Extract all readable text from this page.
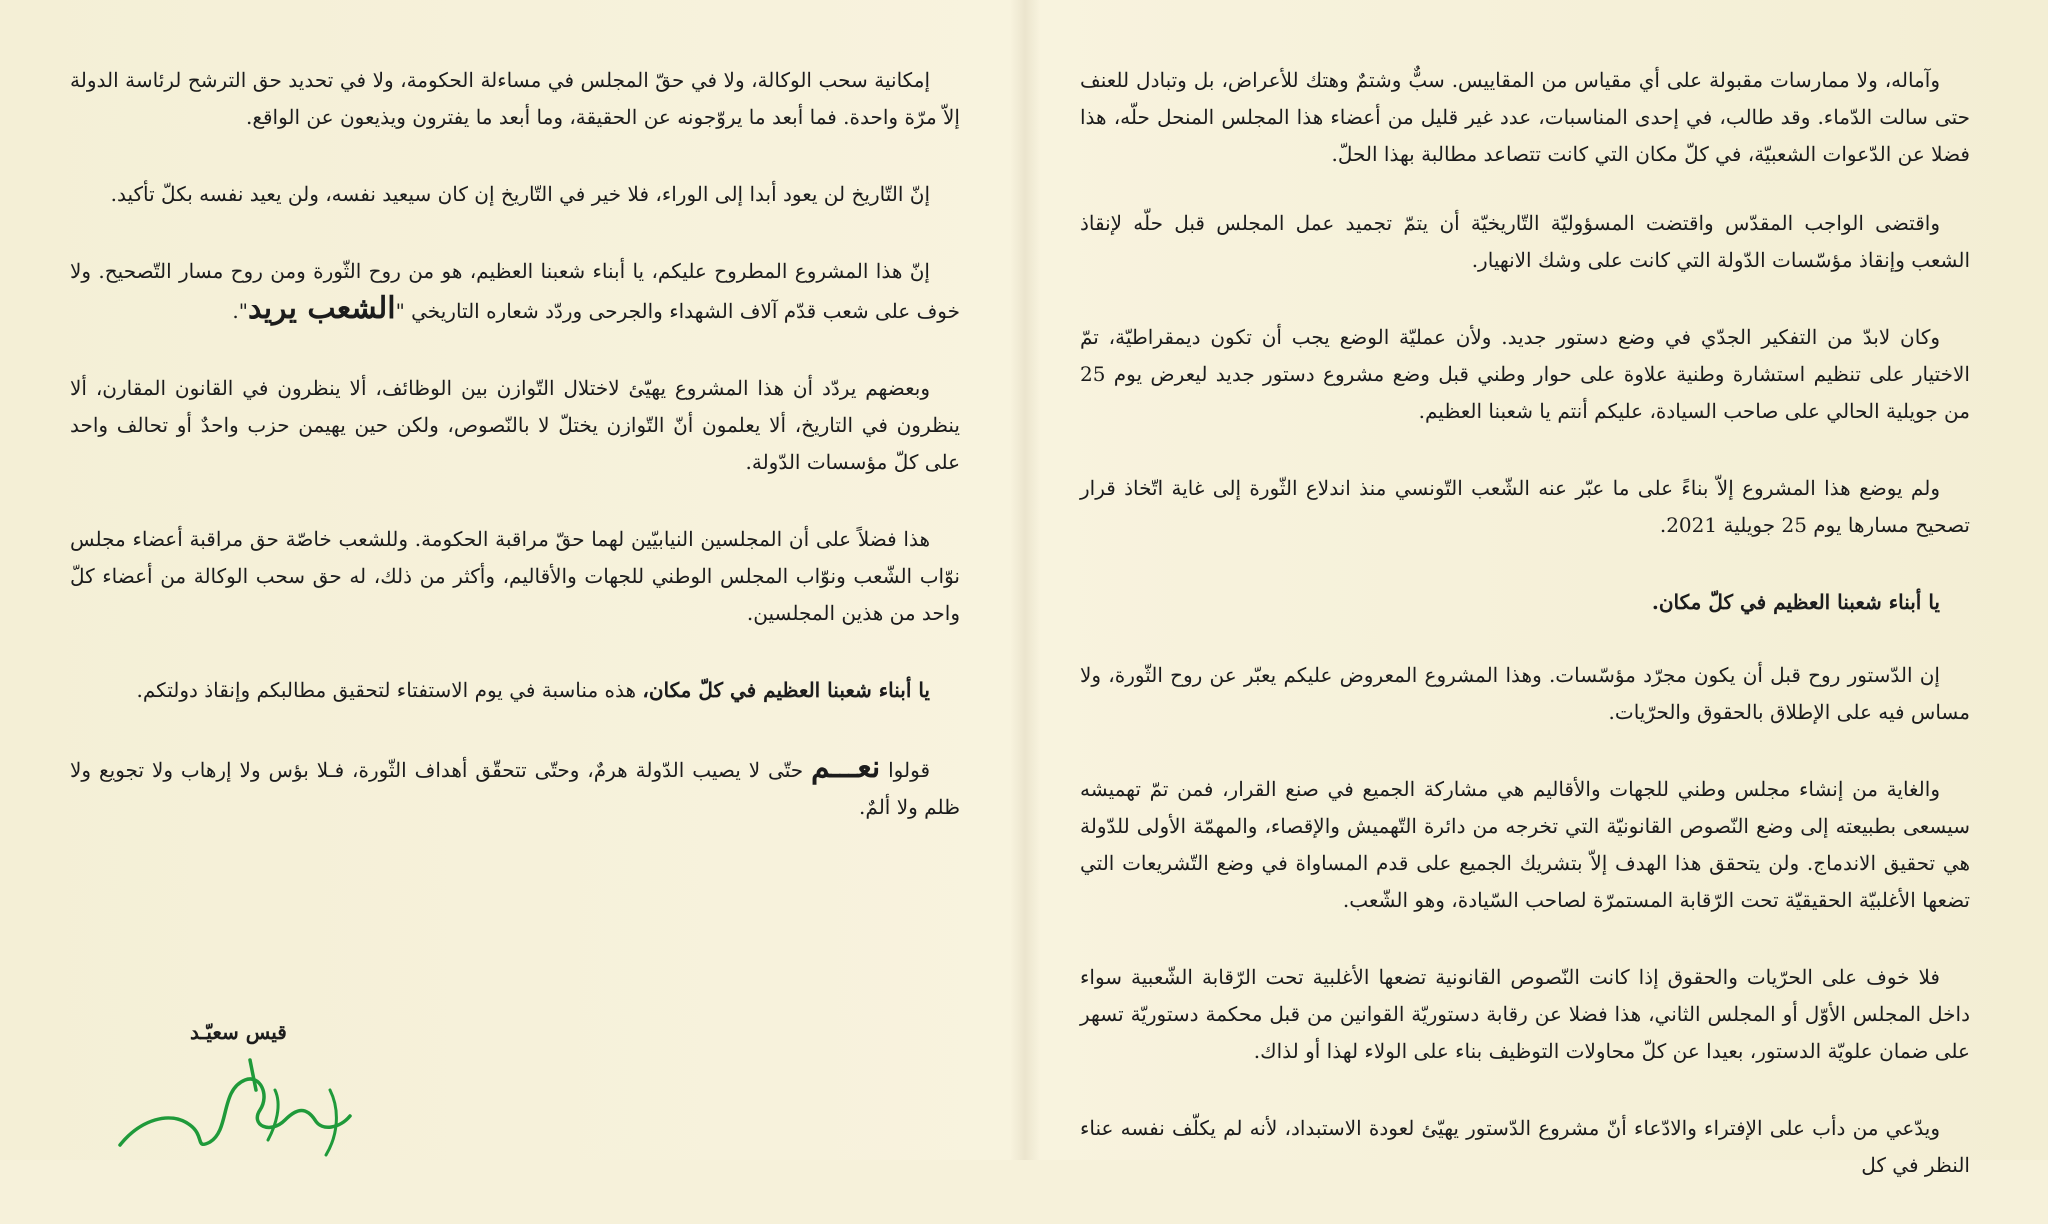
وآماله، ولا ممارسات مقبولة على أي مقياس من المقاييس. سبٌّ وشتمٌ وهتك للأعراض، بل وتبادل للعنف حتى سالت الدّماء. وقد طالب، في إحدى المناسبات، عدد غير قليل من أعضاء هذا المجلس المنحل حلّه، هذا فضلا عن الدّعوات الشعبيّة، في كلّ مكان التي كانت تتصاعد مطالبة بهذا الحلّ.

واقتضى الواجب المقدّس واقتضت المسؤوليّة التّاريخيّة أن يتمّ تجميد عمل المجلس قبل حلّه لإنقاذ الشعب وإنقاذ مؤسّسات الدّولة التي كانت على وشك الانهيار.

وكان لابدّ من التفكير الجدّي في وضع دستور جديد. ولأن عمليّة الوضع يجب أن تكون ديمقراطيّة، تمّ الاختيار على تنظيم استشارة وطنية علاوة على حوار وطني قبل وضع مشروع دستور جديد ليعرض يوم 25 من جويلية الحالي على صاحب السيادة، عليكم أنتم يا شعبنا العظيم.

ولم يوضع هذا المشروع إلاّ بناءً على ما عبّر عنه الشّعب التّونسي منذ اندلاع الثّورة إلى غاية اتّخاذ قرار تصحيح مسارها يوم 25 جويلية 2021.

يا أبناء شعبنا العظيم في كلّ مكان.

إن الدّستور روح قبل أن يكون مجرّد مؤسّسات. وهذا المشروع المعروض عليكم يعبّر عن روح الثّورة، ولا مساس فيه على الإطلاق بالحقوق والحرّيات.

والغاية من إنشاء مجلس وطني للجهات والأقاليم هي مشاركة الجميع في صنع القرار، فمن تمّ تهميشه سيسعى بطبيعته إلى وضع النّصوص القانونيّة التي تخرجه من دائرة التّهميش والإقصاء، والمهمّة الأولى للدّولة هي تحقيق الاندماج. ولن يتحقق هذا الهدف إلاّ بتشريك الجميع على قدم المساواة في وضع التّشريعات التي تضعها الأغلبيّة الحقيقيّة تحت الرّقابة المستمرّة لصاحب السّيادة، وهو الشّعب.

فلا خوف على الحرّيات والحقوق إذا كانت النّصوص القانونية تضعها الأغلبية تحت الرّقابة الشّعبية سواء داخل المجلس الأوّل أو المجلس الثاني، هذا فضلا عن رقابة دستوريّة القوانين من قبل محكمة دستوريّة تسهر على ضمان علويّة الدستور، بعيدا عن كلّ محاولات التوظيف بناء على الولاء لهذا أو لذاك.

ويدّعي من دأب على الإفتراء والادّعاء أنّ مشروع الدّستور يهيّئ لعودة الاستبداد، لأنه لم يكلّف نفسه عناء النظر في كل

إمكانية سحب الوكالة، ولا في حقّ المجلس في مساءلة الحكومة، ولا في تحديد حق الترشح لرئاسة الدولة إلاّ مرّة واحدة. فما أبعد ما يروّجونه عن الحقيقة، وما أبعد ما يفترون ويذيعون عن الواقع.

إنّ التّاريخ لن يعود أبدا إلى الوراء، فلا خير في التّاريخ إن كان سيعيد نفسه، ولن يعيد نفسه بكلّ تأكيد.

إنّ هذا المشروع المطروح عليكم، يا أبناء شعبنا العظيم، هو من روح الثّورة ومن روح مسار التّصحيح. ولا خوف على شعب قدّم آلاف الشهداء والجرحى وردّد شعاره التاريخي "الشعب يريد".

وبعضهم يردّد أن هذا المشروع يهيّئ لاختلال التّوازن بين الوظائف، ألا ينظرون في القانون المقارن، ألا ينظرون في التاريخ، ألا يعلمون أنّ التّوازن يختلّ لا بالنّصوص، ولكن حين يهيمن حزب واحدٌ أو تحالف واحد على كلّ مؤسسات الدّولة.

هذا فضلاً على أن المجلسين النيابيّين لهما حقّ مراقبة الحكومة. وللشعب خاصّة حق مراقبة أعضاء مجلس نوّاب الشّعب ونوّاب المجلس الوطني للجهات والأقاليم، وأكثر من ذلك، له حق سحب الوكالة من أعضاء كلّ واحد من هذين المجلسين.

يا أبناء شعبنا العظيم في كلّ مكان، هذه مناسبة في يوم الاستفتاء لتحقيق مطالبكم وإنقاذ دولتكم.

قولوا نعـــم حتّى لا يصيب الدّولة هرمٌ، وحتّى تتحقّق أهداف الثّورة، فـلا بؤس ولا إرهاب ولا تجويع ولا ظلم ولا ألمٌ.

قيس سعيّـد
